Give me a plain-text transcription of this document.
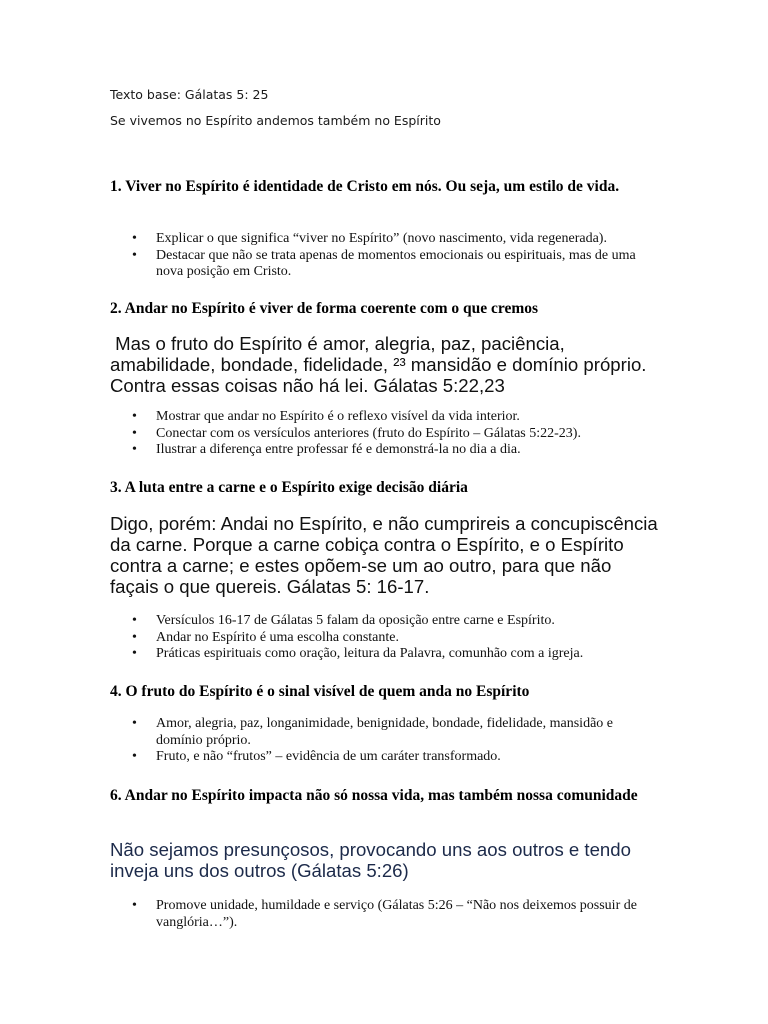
Texto base: Gálatas 5: 25
Se vivemos no Espírito andemos também no Espírito
1. Viver no Espírito é identidade de Cristo em nós. Ou seja, um estilo de vida.
• Explicar o que significa “viver no Espírito” (novo nascimento, vida regenerada).
• Destacar que não se trata apenas de momentos emocionais ou espirituais, mas de uma nova posição em Cristo.
2. Andar no Espírito é viver de forma coerente com o que cremos
Mas o fruto do Espírito é amor, alegria, paz, paciência, amabilidade, bondade, fidelidade, ²³ mansidão e domínio próprio. Contra essas coisas não há lei. Gálatas 5:22,23
• Mostrar que andar no Espírito é o reflexo visível da vida interior.
• Conectar com os versículos anteriores (fruto do Espírito – Gálatas 5:22-23).
• Ilustrar a diferença entre professar fé e demonstrá-la no dia a dia.
3. A luta entre a carne e o Espírito exige decisão diária
Digo, porém: Andai no Espírito, e não cumprireis a concupiscência da carne. Porque a carne cobiça contra o Espírito, e o Espírito contra a carne; e estes opõem-se um ao outro, para que não façais o que quereis. Gálatas 5: 16-17.
• Versículos 16-17 de Gálatas 5 falam da oposição entre carne e Espírito.
• Andar no Espírito é uma escolha constante.
• Práticas espirituais como oração, leitura da Palavra, comunhão com a igreja.
4. O fruto do Espírito é o sinal visível de quem anda no Espírito
• Amor, alegria, paz, longanimidade, benignidade, bondade, fidelidade, mansidão e domínio próprio.
• Fruto, e não “frutos” – evidência de um caráter transformado.
6. Andar no Espírito impacta não só nossa vida, mas também nossa comunidade
Não sejamos presunçosos, provocando uns aos outros e tendo inveja uns dos outros (Gálatas 5:26)
• Promove unidade, humildade e serviço (Gálatas 5:26 – “Não nos deixemos possuir de vanglória…”).
